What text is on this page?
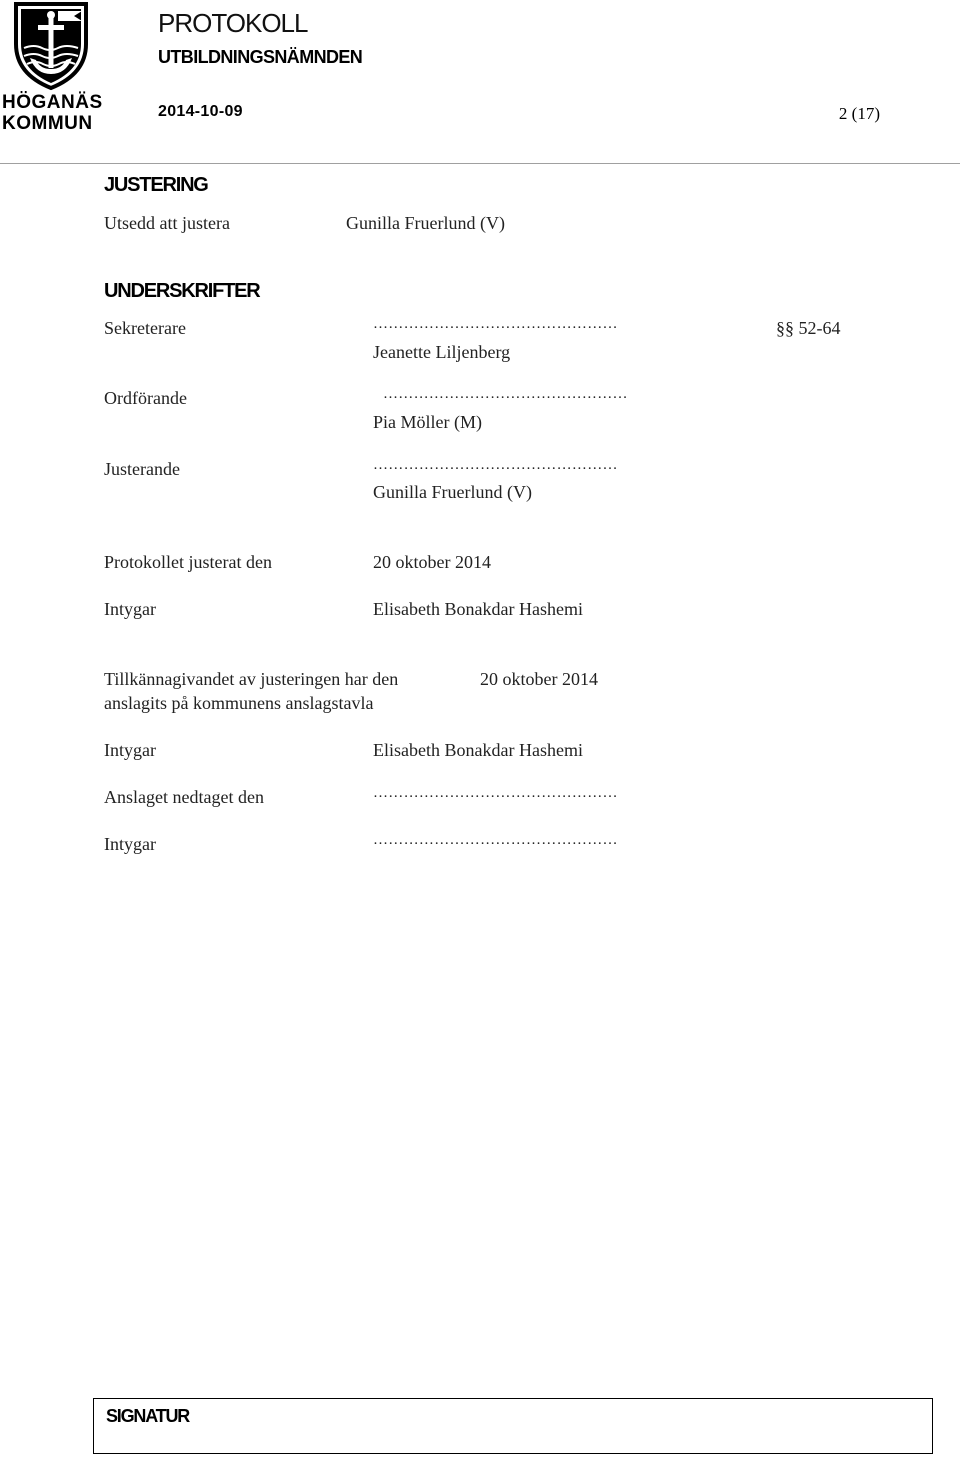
HÖGANÄS
KOMMUN
PROTOKOLL
UTBILDNINGSNÄMNDEN
2014-10-09	2 (17)
JUSTERING
Utsedd att justera	Gunilla Fruerlund (V)
UNDERSKRIFTER
Sekreterare	…………………………………………	§§ 52-64
Jeanette Liljenberg
Ordförande	…………………………………………
Pia Möller (M)
Justerande	…………………………………………
Gunilla Fruerlund (V)
Protokollet justerat den	20 oktober 2014
Intygar	Elisabeth Bonakdar Hashemi
Tillkännagivandet av justeringen har den	20 oktober 2014
anslagits på kommunens anslagstavla
Intygar	Elisabeth Bonakdar Hashemi
Anslaget nedtaget den	…………………………………………
Intygar	…………………………………………
SIGNATUR
